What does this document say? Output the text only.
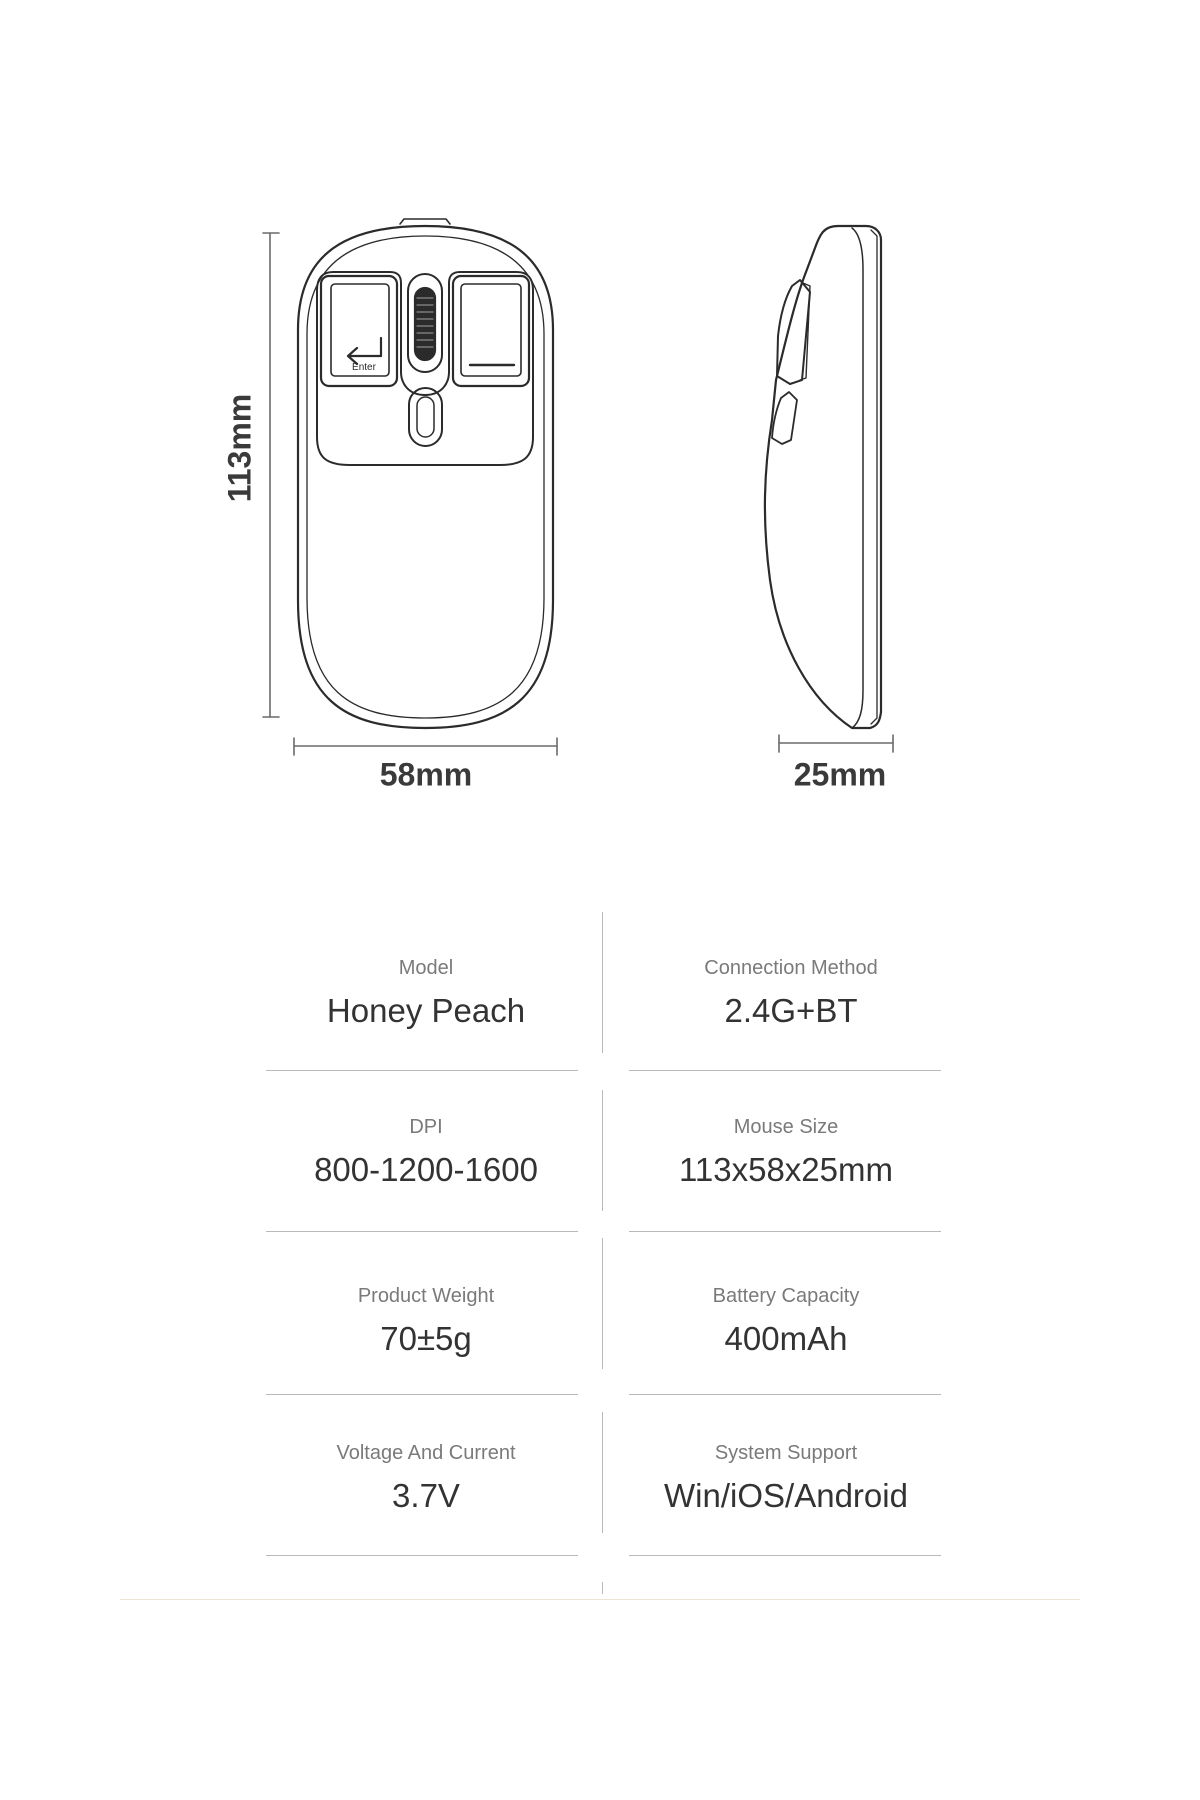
Enter
113mm
58mm	25mm
Model
Honey Peach
Connection Method
2.4G+BT
DPI
800-1200-1600
Mouse Size
113x58x25mm
Product Weight
70±5g
Battery Capacity
400mAh
Voltage And Current
3.7V
System Support
Win/iOS/Android
